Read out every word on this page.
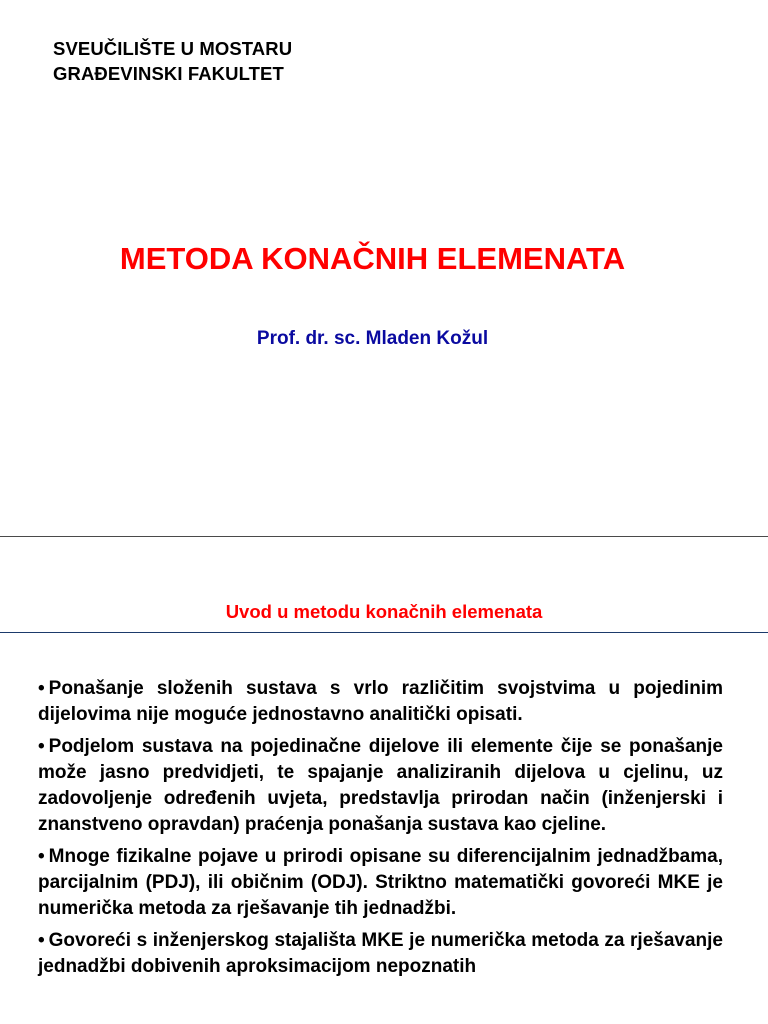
SVEUČILIŠTE U MOSTARU
GRAĐEVINSKI FAKULTET
METODA KONAČNIH ELEMENATA
Prof. dr. sc. Mladen Kožul
Uvod u metodu konačnih elemenata
• Ponašanje složenih sustava s vrlo različitim svojstvima u pojedinim dijelovima nije moguće jednostavno analitički opisati.
• Podjelom sustava na pojedinačne dijelove ili elemente čije se ponašanje može jasno predvidjeti, te spajanje analiziranih dijelova u cjelinu, uz zadovoljenje određenih uvjeta, predstavlja prirodan način (inženjerski i znanstveno opravdan) praćenja ponašanja sustava kao cjeline.
• Mnoge fizikalne pojave u prirodi opisane su diferencijalnim jednadžbama, parcijalnim (PDJ), ili običnim (ODJ). Striktno matematički govoreći MKE je numerička metoda za rješavanje tih jednadžbi.
• Govoreći s inženjerskog stajališta MKE je numerička metoda za rješavanje jednadžbi dobivenih aproksimacijom nepoznatih
